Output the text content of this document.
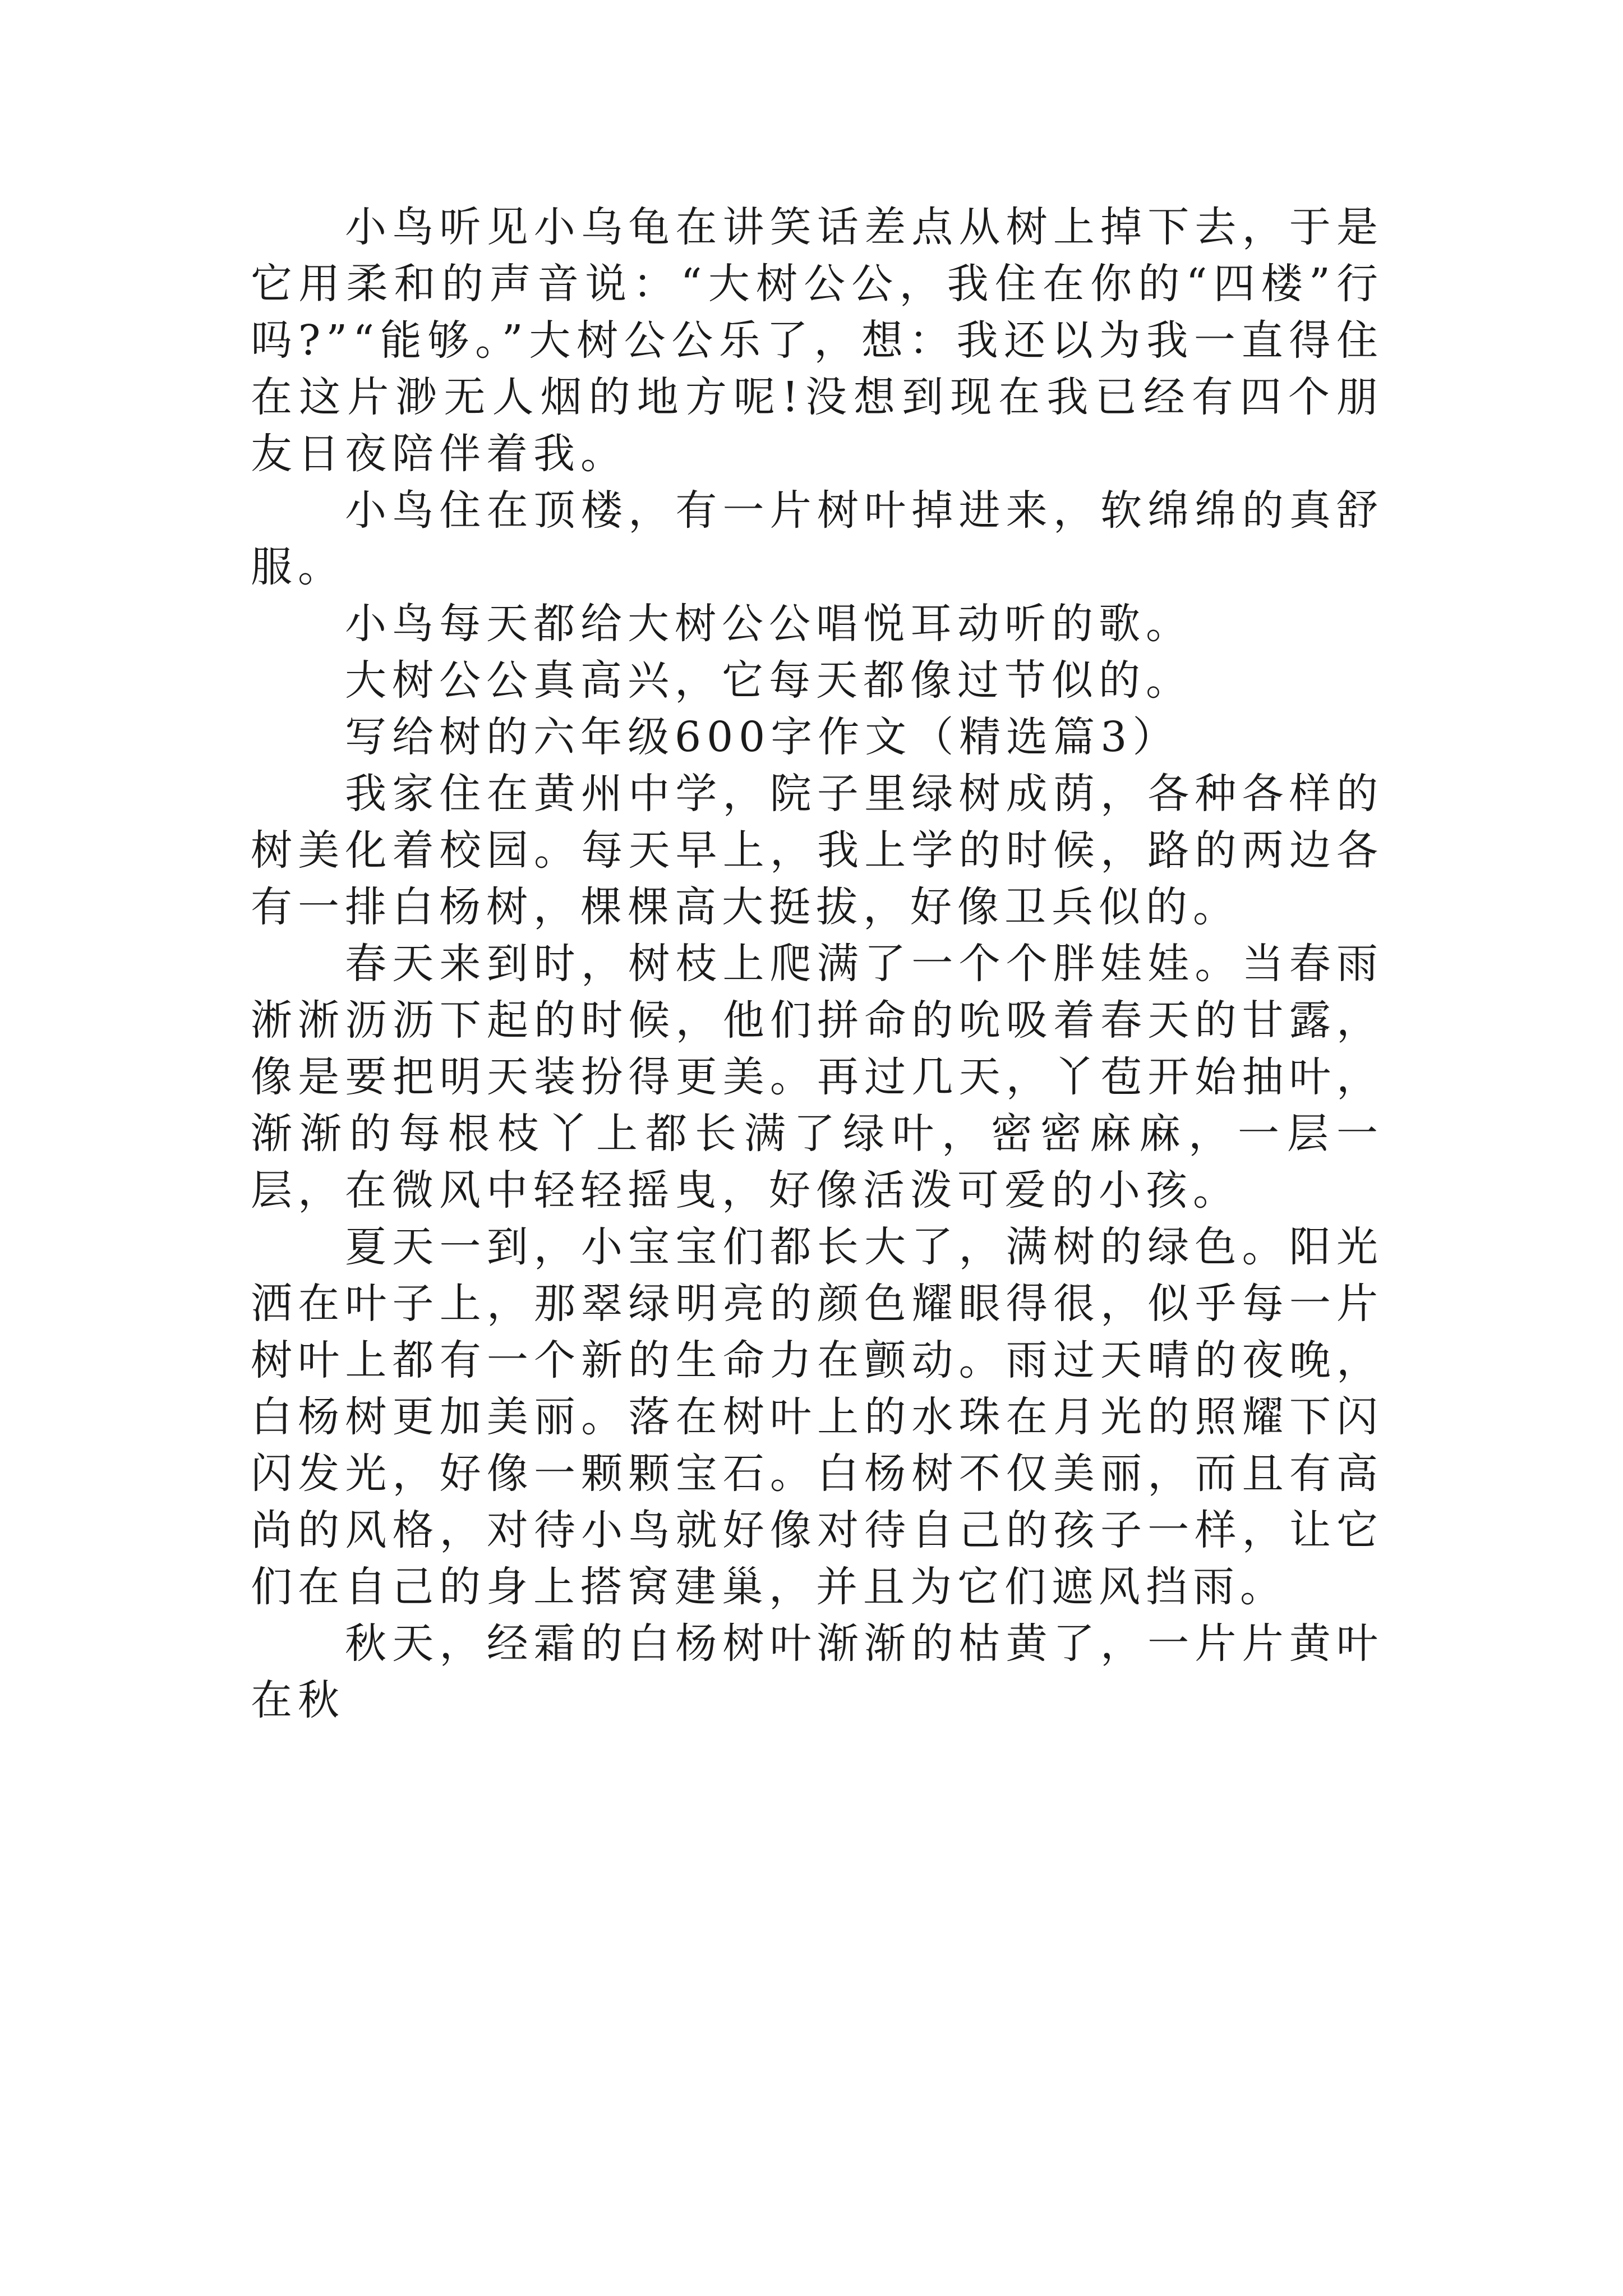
小鸟听见小乌龟在讲笑话差点从树上掉下去，于是它用柔和的声音说：“大树公公，我住在你的“四楼”行吗?”“能够。”大树公公乐了，想：我还以为我一直得住在这片渺无人烟的地方呢!没想到现在我已经有四个朋友日夜陪伴着我。

小鸟住在顶楼，有一片树叶掉进来，软绵绵的真舒服。

小鸟每天都给大树公公唱悦耳动听的歌。

大树公公真高兴，它每天都像过节似的。

写给树的六年级600字作文（精选篇3）

我家住在黄州中学，院子里绿树成荫，各种各样的树美化着校园。每天早上，我上学的时候，路的两边各有一排白杨树，棵棵高大挺拔，好像卫兵似的。

春天来到时，树枝上爬满了一个个胖娃娃。当春雨淅淅沥沥下起的时候，他们拼命的吮吸着春天的甘露，像是要把明天装扮得更美。再过几天，丫苞开始抽叶，渐渐的每根枝丫上都长满了绿叶，密密麻麻，一层一层，在微风中轻轻摇曳，好像活泼可爱的小孩。

夏天一到，小宝宝们都长大了，满树的绿色。阳光洒在叶子上，那翠绿明亮的颜色耀眼得很，似乎每一片树叶上都有一个新的生命力在颤动。雨过天晴的夜晚，白杨树更加美丽。落在树叶上的水珠在月光的照耀下闪闪发光，好像一颗颗宝石。白杨树不仅美丽，而且有高尚的风格，对待小鸟就好像对待自己的孩子一样，让它们在自己的身上搭窝建巢，并且为它们遮风挡雨。

秋天，经霜的白杨树叶渐渐的枯黄了，一片片黄叶在秋
